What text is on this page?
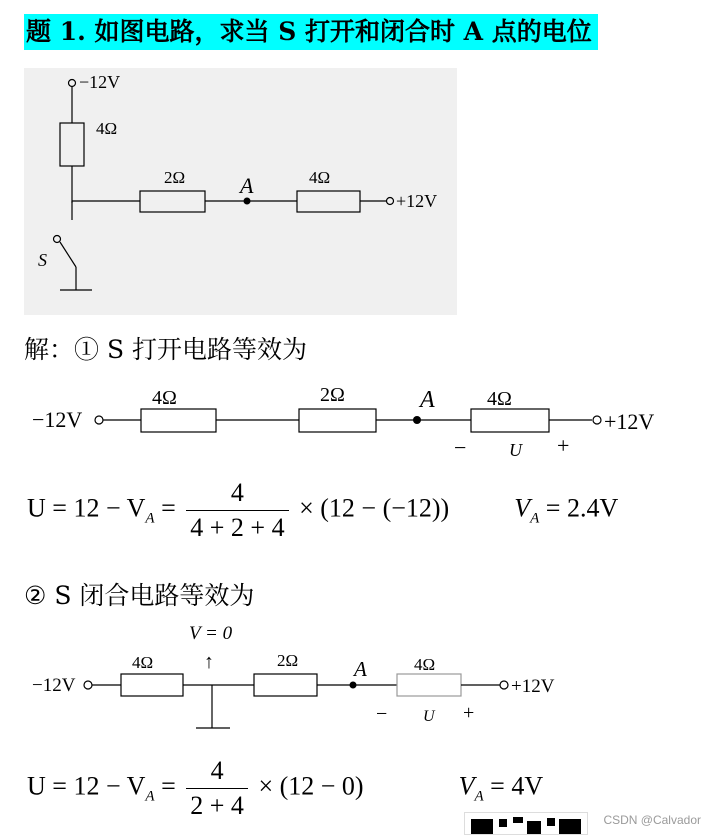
题 1. 如图电路，求当 S 打开和闭合时 A 点的电位
−12V
4Ω
2Ω A	4Ω
+12V
S
解：① S 打开电路等效为
−12V
4Ω	2Ω	A	4Ω
+12V
− U +
$U = 12 - V_A = \frac{4}{4 + 2 + 4} \times (12 - (-12))$	$V_A = 2.4V$
② S 闭合电路等效为
V = 0
↑
−12V
4Ω	2Ω	A	4Ω
+12V
− U +
$U = 12 - V_A = \frac{4}{2 + 4} \times (12 - 0)$	$V_A = 4V$
CSDN @Calvador
